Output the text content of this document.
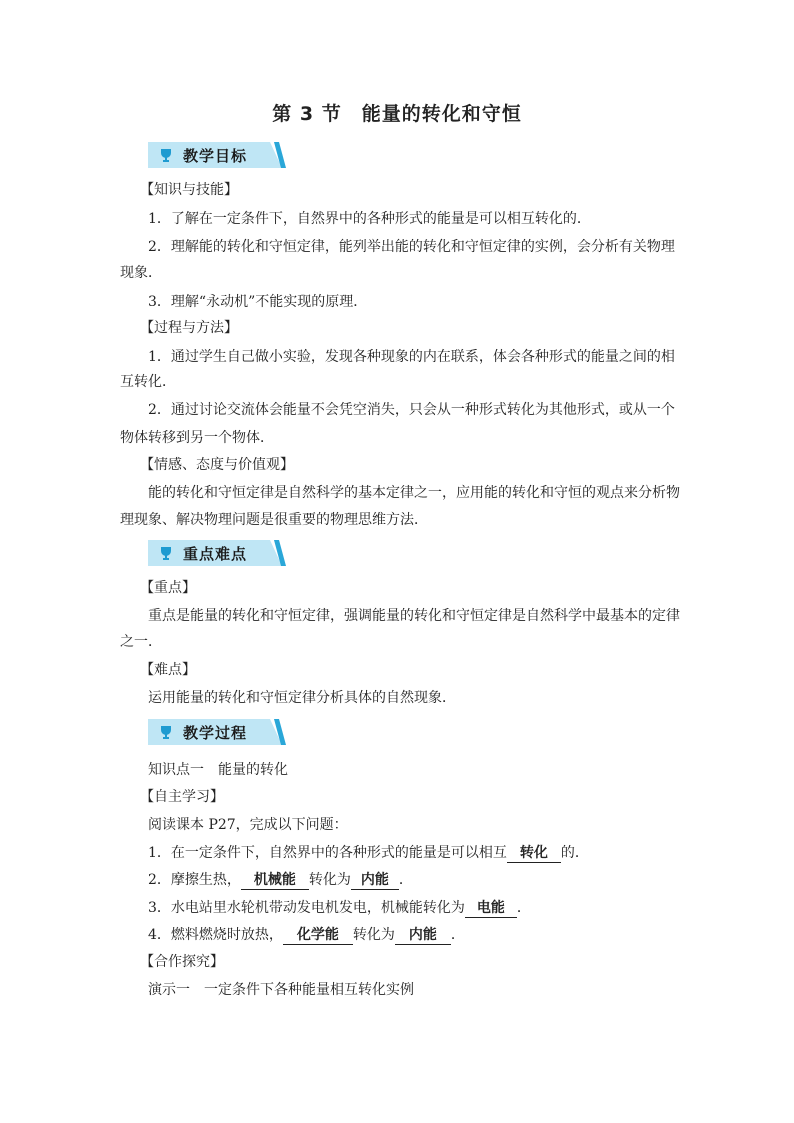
第 3 节　能量的转化和守恒
教学目标
【知识与技能】
1．了解在一定条件下，自然界中的各种形式的能量是可以相互转化的．
2．理解能的转化和守恒定律，能列举出能的转化和守恒定律的实例，会分析有关物理
现象．
3．理解“永动机”不能实现的原理．
【过程与方法】
1．通过学生自己做小实验，发现各种现象的内在联系，体会各种形式的能量之间的相
互转化．
2．通过讨论交流体会能量不会凭空消失，只会从一种形式转化为其他形式，或从一个
物体转移到另一个物体．
【情感、态度与价值观】
能的转化和守恒定律是自然科学的基本定律之一，应用能的转化和守恒的观点来分析物
理现象、解决物理问题是很重要的物理思维方法．
重点难点
【重点】
重点是能量的转化和守恒定律，强调能量的转化和守恒定律是自然科学中最基本的定律
之一．
【难点】
运用能量的转化和守恒定律分析具体的自然现象．
教学过程
知识点一　能量的转化
【自主学习】
阅读课本 P27，完成以下问题：
1．在一定条件下，自然界中的各种形式的能量是可以相互 转化 的．
2．摩擦生热， 机械能 转化为 内能 ．
3．水电站里水轮机带动发电机发电，机械能转化为 电能 ．
4．燃料燃烧时放热， 化学能 转化为 内能 ．
【合作探究】
演示一　一定条件下各种能量相互转化实例
